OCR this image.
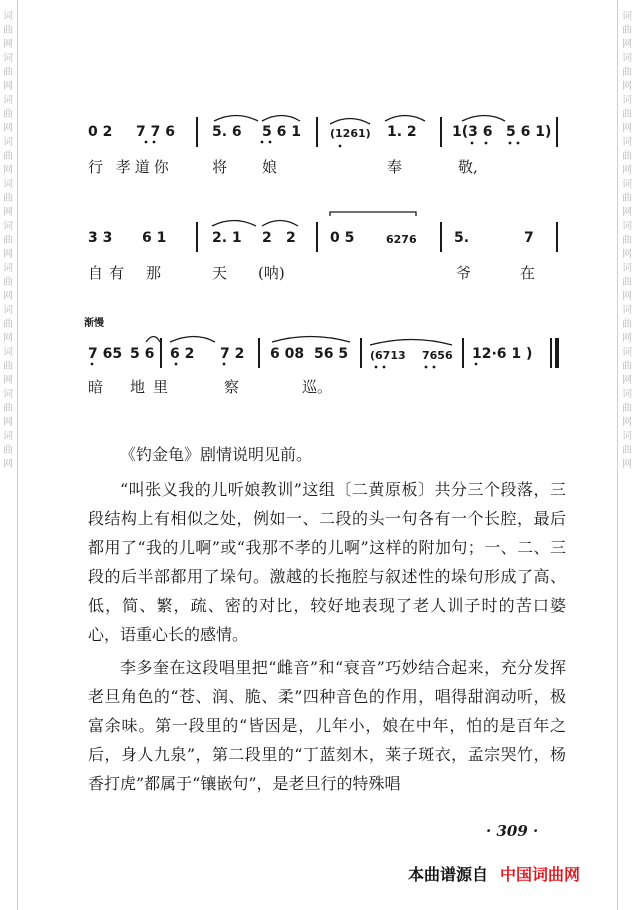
词曲网词曲网词曲网词曲网词曲网词曲网词曲网词曲网词曲网词曲网词曲网
词曲网词曲网词曲网词曲网词曲网词曲网词曲网词曲网词曲网词曲网词曲网
0 2 7 7 6	5. 6 5 6 1	(1261) 1. 2	1(3 6 5 6 1)
行 孝道你	将 娘	奉	敬,
3 3 6 1	2. 1 2 2 0 5	6276	5.	7
自有 那	天 (呐)	爷	在
渐慢
7 65 5 6 6 2 7 2 6 08 56 5 (6713 7656 12·6 1 )
暗 地里	察	巡。

《钓金龟》剧情说明见前。

“叫张义我的儿听娘教训”这组〔二黄原板〕共分三个段落，三段结构上有相似之处，例如一、二段的头一句各有一个长腔，最后都用了“我的儿啊”或“我那不孝的儿啊”这样的附加句；一、二、三段的后半部都用了垛句。激越的长拖腔与叙述性的垛句形成了高、低，简、繁，疏、密的对比，较好地表现了老人训子时的苦口婆心，语重心长的感情。

李多奎在这段唱里把“雌音”和“衰音”巧妙结合起来，充分发挥老旦角色的“苍、润、脆、柔”四种音色的作用，唱得甜润动听，极富余味。第一段里的“皆因是，儿年小，娘在中年，怕的是百年之后，身人九泉”，第二段里的“丁蓝刻木，莱子斑衣，孟宗哭竹，杨香打虎”都属于“镶嵌句”，是老旦行的特殊唱

· 309 ·
本曲谱源自 中国词曲网
